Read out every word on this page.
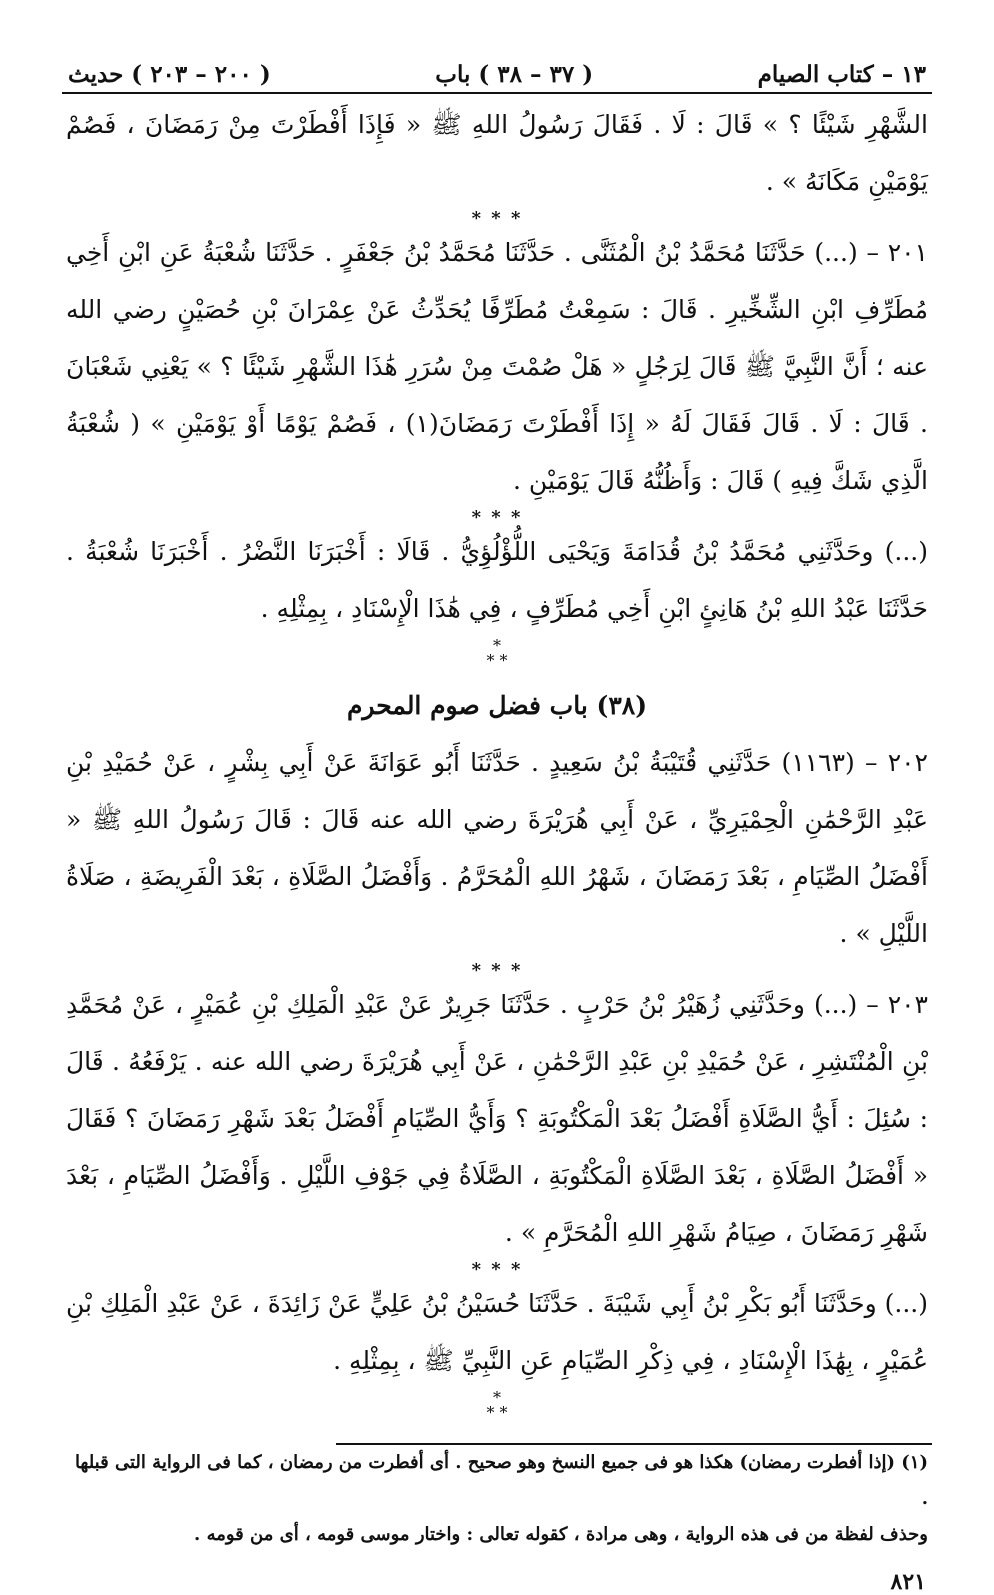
١٣ – كتاب الصيام
( ٣٧ – ٣٨ ) باب
( ٢٠٠ – ٢٠٣ ) حديث

الشَّهْرِ شَيْئًا ؟ » قَالَ : لَا . فَقَالَ رَسُولُ اللهِ ﷺ « فَإِذَا أَفْطَرْتَ مِنْ رَمَضَانَ ، فَصُمْ يَوْمَيْنِ مَكَانَهُ » .

* * *

٢٠١ – (...) حَدَّثَنَا مُحَمَّدُ بْنُ الْمُثَنَّى . حَدَّثَنَا مُحَمَّدُ بْنُ جَعْفَرٍ . حَدَّثَنَا شُعْبَةُ عَنِ ابْنِ أَخِي مُطَرِّفِ ابْنِ الشِّخِّيرِ . قَالَ : سَمِعْتُ مُطَرِّفًا يُحَدِّثُ عَنْ عِمْرَانَ بْنِ حُصَيْنٍ رضي الله عنه ؛ أَنَّ النَّبِيَّ ﷺ قَالَ لِرَجُلٍ « هَلْ صُمْتَ مِنْ سُرَرِ هَٰذَا الشَّهْرِ شَيْئًا ؟ » يَعْنِي شَعْبَانَ . قَالَ : لَا . قَالَ فَقَالَ لَهُ « إِذَا أَفْطَرْتَ رَمَضَانَ(١) ، فَصُمْ يَوْمًا أَوْ يَوْمَيْنِ » ( شُعْبَةُ الَّذِي شَكَّ فِيهِ ) قَالَ : وَأَظُنُّهُ قَالَ يَوْمَيْنِ .

* * *

(...) وحَدَّثَنِي مُحَمَّدُ بْنُ قُدَامَةَ وَيَحْيَى اللُّؤْلُؤِيُّ . قَالَا : أَخْبَرَنَا النَّضْرُ . أَخْبَرَنَا شُعْبَةُ . حَدَّثَنَا عَبْدُ اللهِ بْنُ هَانِئٍ ابْنِ أَخِي مُطَرِّفٍ ، فِي هَٰذَا الْإِسْنَادِ ، بِمِثْلِهِ .

*
* *
(٣٨) باب فضل صوم المحرم

٢٠٢ – (١١٦٣) حَدَّثَنِي قُتَيْبَةُ بْنُ سَعِيدٍ . حَدَّثَنَا أَبُو عَوَانَةَ عَنْ أَبِي بِشْرٍ ، عَنْ حُمَيْدِ بْنِ عَبْدِ الرَّحْمَٰنِ الْحِمْيَرِيِّ ، عَنْ أَبِي هُرَيْرَةَ رضي الله عنه قَالَ : قَالَ رَسُولُ اللهِ ﷺ « أَفْضَلُ الصِّيَامِ ، بَعْدَ رَمَضَانَ ، شَهْرُ اللهِ الْمُحَرَّمُ . وَأَفْضَلُ الصَّلَاةِ ، بَعْدَ الْفَرِيضَةِ ، صَلَاةُ اللَّيْلِ » .

* * *

٢٠٣ – (...) وحَدَّثَنِي زُهَيْرُ بْنُ حَرْبٍ . حَدَّثَنَا جَرِيرٌ عَنْ عَبْدِ الْمَلِكِ بْنِ عُمَيْرٍ ، عَنْ مُحَمَّدِ بْنِ الْمُنْتَشِرِ ، عَنْ حُمَيْدِ بْنِ عَبْدِ الرَّحْمَٰنِ ، عَنْ أَبِي هُرَيْرَةَ رضي الله عنه . يَرْفَعُهُ . قَالَ : سُئِلَ : أَيُّ الصَّلَاةِ أَفْضَلُ بَعْدَ الْمَكْتُوبَةِ ؟ وَأَيُّ الصِّيَامِ أَفْضَلُ بَعْدَ شَهْرِ رَمَضَانَ ؟ فَقَالَ « أَفْضَلُ الصَّلَاةِ ، بَعْدَ الصَّلَاةِ الْمَكْتُوبَةِ ، الصَّلَاةُ فِي جَوْفِ اللَّيْلِ . وَأَفْضَلُ الصِّيَامِ ، بَعْدَ شَهْرِ رَمَضَانَ ، صِيَامُ شَهْرِ اللهِ الْمُحَرَّمِ » .

* * *

(...) وحَدَّثَنَا أَبُو بَكْرِ بْنُ أَبِي شَيْبَةَ . حَدَّثَنَا حُسَيْنُ بْنُ عَلِيٍّ عَنْ زَائِدَةَ ، عَنْ عَبْدِ الْمَلِكِ بْنِ عُمَيْرٍ ، بِهَٰذَا الْإِسْنَادِ ، فِي ذِكْرِ الصِّيَامِ عَنِ النَّبِيِّ ﷺ ، بِمِثْلِهِ .

*
* *

(١) (إذا أفطرت رمضان) هكذا هو فى جميع النسخ وهو صحيح . أى أفطرت من رمضان ، كما فى الرواية التى قبلها .

وحذف لفظة من فى هذه الرواية ، وهى مرادة ، كقوله تعالى : واختار موسى قومه ، أى من قومه .

٨٢١
